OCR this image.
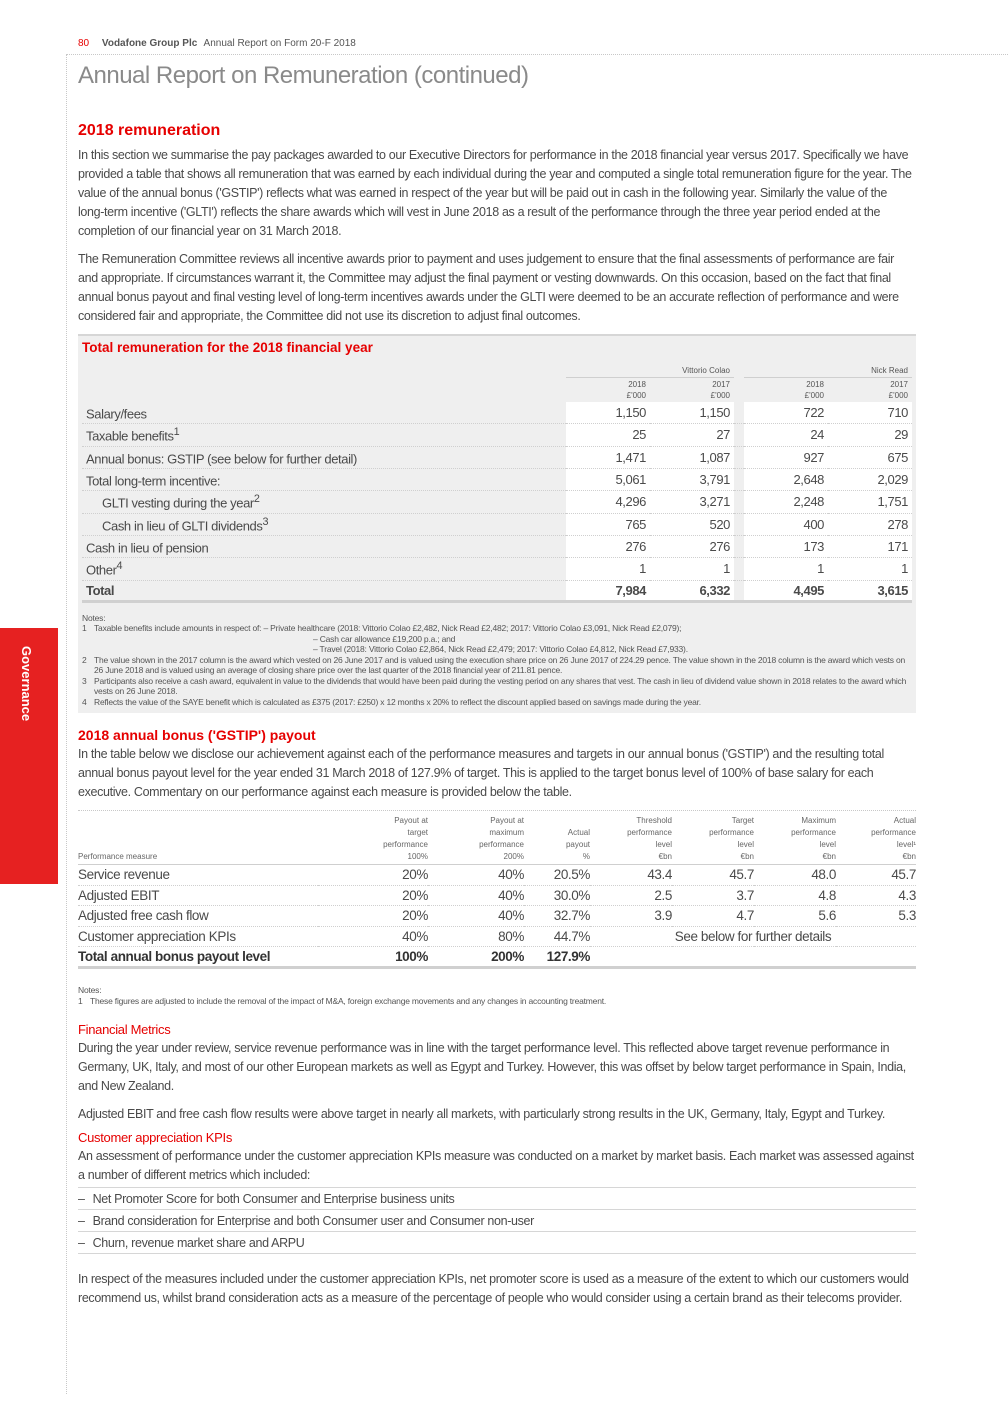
80 Vodafone Group Plc Annual Report on Form 20-F 2018
Annual Report on Remuneration (continued)
Governance
2018 remuneration

In this section we summarise the pay packages awarded to our Executive Directors for performance in the 2018 financial year versus 2017. Specifically we have provided a table that shows all remuneration that was earned by each individual during the year and computed a single total remuneration figure for the year. The value of the annual bonus ('GSTIP') reflects what was earned in respect of the year but will be paid out in cash in the following year. Similarly the value of the long-term incentive ('GLTI') reflects the share awards which will vest in June 2018 as a result of the performance through the three year period ended at the completion of our financial year on 31 March 2018.

The Remuneration Committee reviews all incentive awards prior to payment and uses judgement to ensure that the final assessments of performance are fair and appropriate. If circumstances warrant it, the Committee may adjust the final payment or vesting downwards. On this occasion, based on the fact that final annual bonus payout and final vesting level of long-term incentives awards under the GLTI were deemed to be an accurate reflection of performance and were considered fair and appropriate, the Committee did not use its discretion to adjust final outcomes.

Total remuneration for the 2018 financial year
	Vittorio Colao			Nick Read	
	2018
£'000	2017
£'000		2018
£'000	2017
£'000
Salary/fees	1,150	1,150		722	710
Taxable benefits$^1$	25	27		24	29
Annual bonus: GSTIP (see below for further detail)	1,471	1,087		927	675
Total long-term incentive:	5,061	3,791		2,648	2,029
GLTI vesting during the year$^2$	4,296	3,271		2,248	1,751
Cash in lieu of GLTI dividends$^3$	765	520		400	278
Cash in lieu of pension	276	276		173	171
Other$^4$	1	1		1	1
Total	7,984	6,332		4,495	3,615
Notes:
1 Taxable benefits include amounts in respect of: – Private healthcare (2018: Vittorio Colao £2,482, Nick Read £2,482; 2017: Vittorio Colao £3,091, Nick Read £2,079);
– Cash car allowance £19,200 p.a.; and
– Travel (2018: Vittorio Colao £2,864, Nick Read £2,479; 2017: Vittorio Colao £4,812, Nick Read £7,933).
2 The value shown in the 2017 column is the award which vested on 26 June 2017 and is valued using the execution share price on 26 June 2017 of 224.29 pence. The value shown in the 2018 column is the award which vests on 26 June 2018 and is valued using an average of closing share price over the last quarter of the 2018 financial year of 211.81 pence.
3 Participants also receive a cash award, equivalent in value to the dividends that would have been paid during the vesting period on any shares that vest. The cash in lieu of dividend value shown in 2018 relates to the award which vests on 26 June 2018.
4 Reflects the value of the SAYE benefit which is calculated as £375 (2017: £250) x 12 months x 20% to reflect the discount applied based on savings made during the year.
2018 annual bonus ('GSTIP') payout

In the table below we disclose our achievement against each of the performance measures and targets in our annual bonus ('GSTIP') and the resulting total annual bonus payout level for the year ended 31 March 2018 of 127.9% of target. This is applied to the target bonus level of 100% of base salary for each executive. Commentary on our performance against each measure is provided below the table.

Performance measure	Payout at
target
performance
100%	Payout at
maximum
performance
200%	Actual
payout
%	Threshold
performance
level
€bn	Target
performance
level
€bn	Maximum
performance
level
€bn	Actual
performance
level¹
€bn
Service revenue	20%	40%	20.5%	43.4	45.7	48.0	45.7
Adjusted EBIT	20%	40%	30.0%	2.5	3.7	4.8	4.3
Adjusted free cash flow	20%	40%	32.7%	3.9	4.7	5.6	5.3
Customer appreciation KPIs	40%	80%	44.7%	See below for further details			
Total annual bonus payout level	100%	200%	127.9%				
Notes:
1 These figures are adjusted to include the removal of the impact of M&A, foreign exchange movements and any changes in accounting treatment.
Financial Metrics

During the year under review, service revenue performance was in line with the target performance level. This reflected above target revenue performance in Germany, UK, Italy, and most of our other European markets as well as Egypt and Turkey. However, this was offset by below target performance in Spain, India, and New Zealand.

Adjusted EBIT and free cash flow results were above target in nearly all markets, with particularly strong results in the UK, Germany, Italy, Egypt and Turkey.

Customer appreciation KPIs

An assessment of performance under the customer appreciation KPIs measure was conducted on a market by market basis. Each market was assessed against a number of different metrics which included:

– Net Promoter Score for both Consumer and Enterprise business units
– Brand consideration for Enterprise and both Consumer user and Consumer non-user
– Churn, revenue market share and ARPU

In respect of the measures included under the customer appreciation KPIs, net promoter score is used as a measure of the extent to which our customers would recommend us, whilst brand consideration acts as a measure of the percentage of people who would consider using a certain brand as their telecoms provider.
